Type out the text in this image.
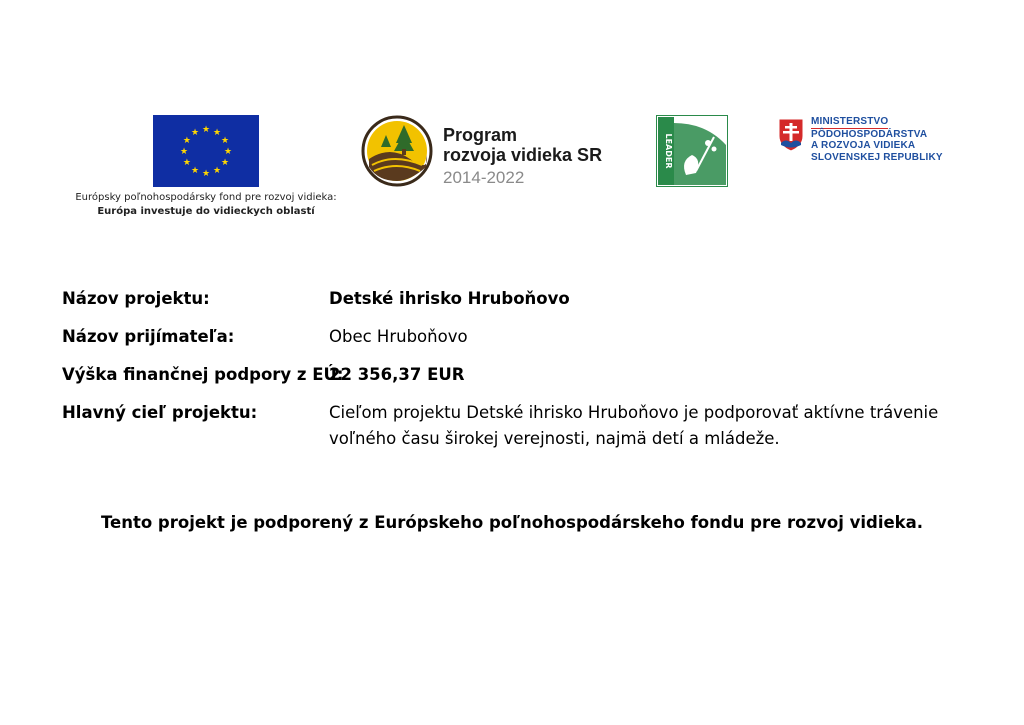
★ ★
★
★
★
★
★
★
★
★
★
★
Európsky poľnohospodársky fond pre rozvoj vidieka:
Európa investuje do vidieckych oblastí
Program
rozvoja vidieka SR
2014-2022
LEADER
MINISTERSTVO
PÔDOHOSPODÁRSTVA
A ROZVOJA VIDIEKA
SLOVENSKEJ REPUBLIKY
Názov projektu:	Detské ihrisko Hruboňovo
Názov prijímateľa:	Obec Hruboňovo
Výška finančnej podpory z EÚ:
22 356,37 EUR
Hlavný cieľ projektu:	Cieľom projektu Detské ihrisko Hruboňovo je podporovať aktívne trávenie voľného času širokej verejnosti, najmä detí a mládeže.
Tento projekt je podporený z Európskeho poľnohospodárskeho fondu pre rozvoj vidieka.
